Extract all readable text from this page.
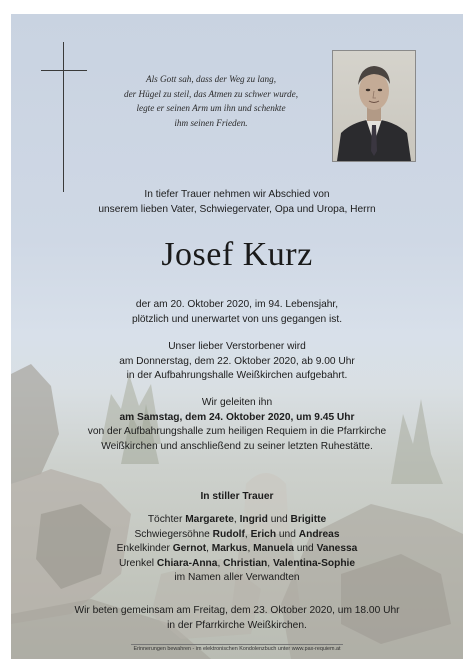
Als Gott sah, dass der Weg zu lang,
der Hügel zu steil, das Atmen zu schwer wurde,
legte er seinen Arm um ihn und schenkte
ihm seinen Frieden.
In tiefer Trauer nehmen wir Abschied von
unserem lieben Vater, Schwiegervater, Opa und Uropa, Herrn
Josef Kurz
der am 20. Oktober 2020, im 94. Lebensjahr,
plötzlich und unerwartet von uns gegangen ist.
Unser lieber Verstorbener wird
am Donnerstag, dem 22. Oktober 2020, ab 9.00 Uhr
in der Aufbahrungshalle Weißkirchen aufgebahrt.
Wir geleiten ihn
am Samstag, dem 24. Oktober 2020, um 9.45 Uhr
von der Aufbahrungshalle zum heiligen Requiem in die Pfarrkirche
Weißkirchen und anschließend zu seiner letzten Ruhestätte.
In stiller Trauer
Töchter Margarete, Ingrid und Brigitte
Schwiegersöhne Rudolf, Erich und Andreas
Enkelkinder Gernot, Markus, Manuela und Vanessa
Urenkel Chiara-Anna, Christian, Valentina-Sophie
im Namen aller Verwandten
Wir beten gemeinsam am Freitag, dem 23. Oktober 2020, um 18.00 Uhr
in der Pfarrkirche Weißkirchen.
Erinnerungen bewahren - im elektronischen Kondolenzbuch unter www.pax-requiem.at
